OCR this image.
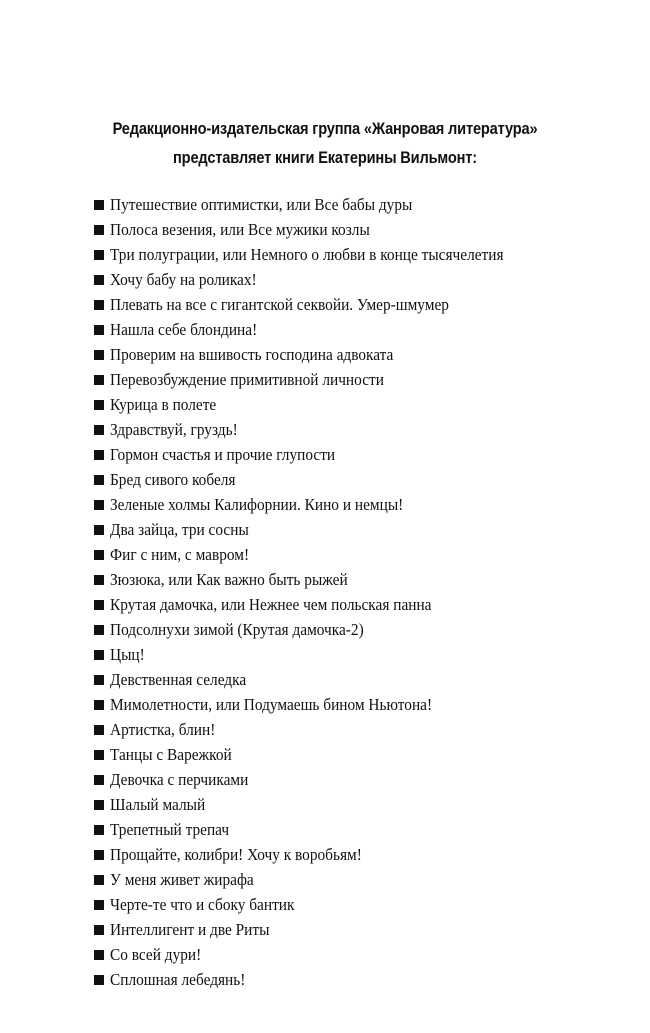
Редакционно-издательская группа «Жанровая литература»
представляет книги Екатерины Вильмонт:
Путешествие оптимистки, или Все бабы дуры
Полоса везения, или Все мужики козлы
Три полуграции, или Немного о любви в конце тысячелетия
Хочу бабу на роликах!
Плевать на все с гигантской секвойи. Умер-шмумер
Нашла себе блондина!
Проверим на вшивость господина адвоката
Перевозбуждение примитивной личности
Курица в полете
Здравствуй, груздь!
Гормон счастья и прочие глупости
Бред сивого кобеля
Зеленые холмы Калифорнии. Кино и немцы!
Два зайца, три сосны
Фиг с ним, с мавром!
Зюзюка, или Как важно быть рыжей
Крутая дамочка, или Нежнее чем польская панна
Подсолнухи зимой (Крутая дамочка-2)
Цыц!
Девственная селедка
Мимолетности, или Подумаешь бином Ньютона!
Артистка, блин!
Танцы с Варежкой
Девочка с перчиками
Шалый малый
Трепетный трепач
Прощайте, колибри! Хочу к воробьям!
У меня живет жирафа
Черте-те что и сбоку бантик
Интеллигент и две Риты
Со всей дури!
Сплошная лебедянь!
